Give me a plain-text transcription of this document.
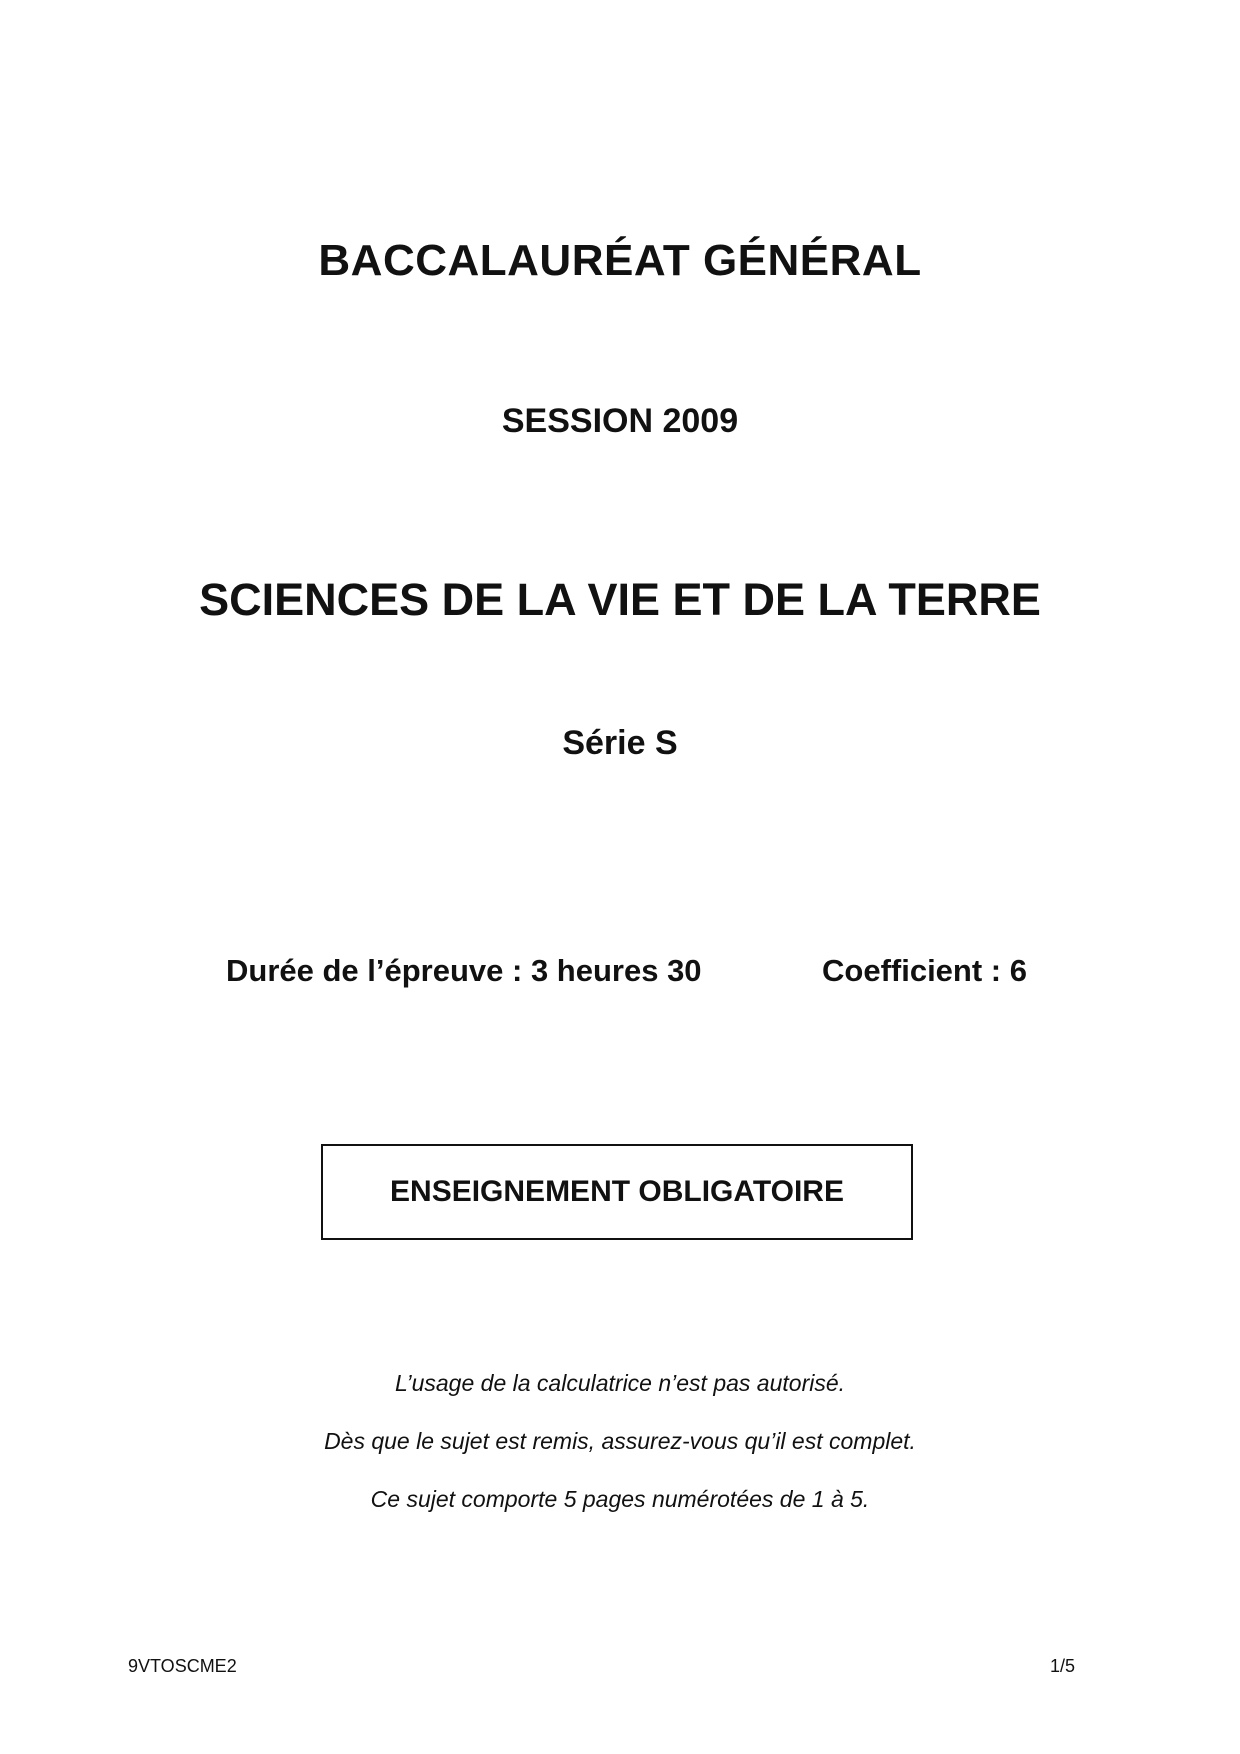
BACCALAURÉAT GÉNÉRAL
SESSION 2009
SCIENCES DE LA VIE ET DE LA TERRE
Série S
Durée de l’épreuve : 3 heures 30	Coefficient : 6
ENSEIGNEMENT OBLIGATOIRE
L’usage de la calculatrice n’est pas autorisé.
Dès que le sujet est remis, assurez-vous qu’il est complet.
Ce sujet comporte 5 pages numérotées de 1 à 5.
9VTOSCME2	1/5
